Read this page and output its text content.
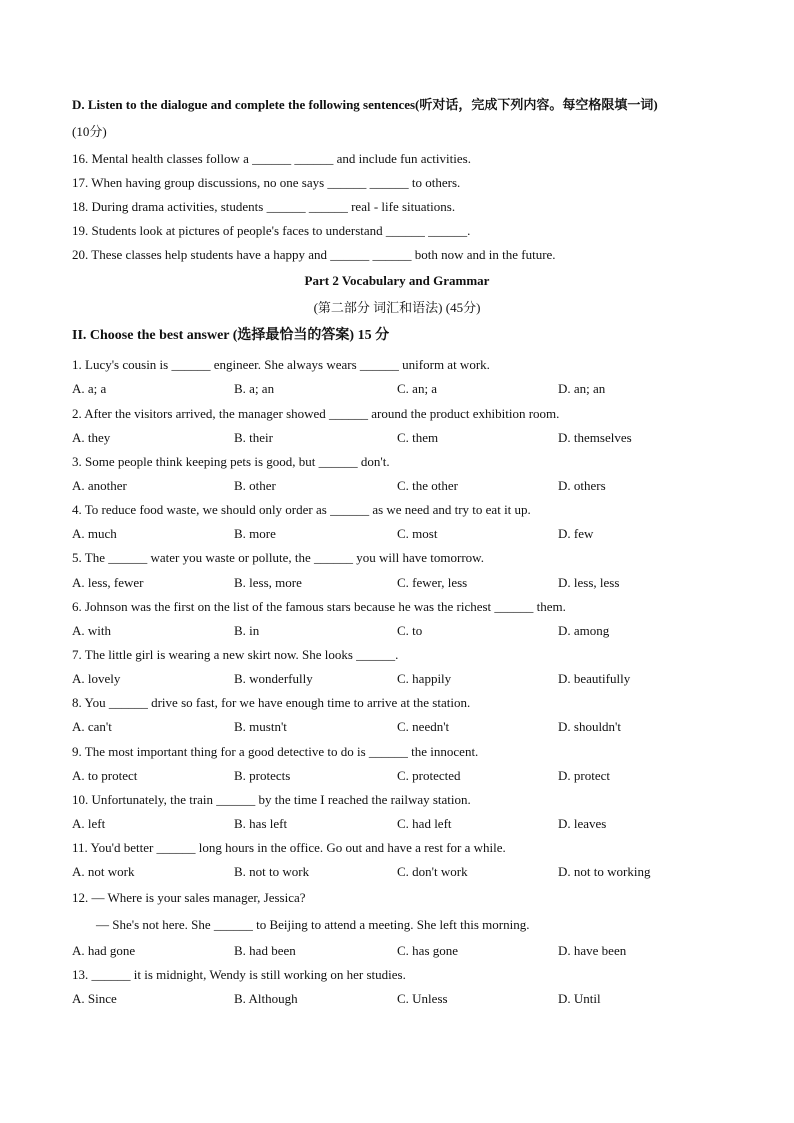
D. Listen to the dialogue and complete the following sentences(听对话，完成下列内容。每空格限填一词)
(10分)
16. Mental health classes follow a ______ ______ and include fun activities.
17. When having group discussions, no one says ______ ______ to others.
18. During drama activities, students ______ ______ real - life situations.
19. Students look at pictures of people's faces to understand ______ ______.
20. These classes help students have a happy and ______ ______ both now and in the future.
Part 2 Vocabulary and Grammar
(第二部分 词汇和语法) (45分)
II. Choose the best answer (选择最恰当的答案) 15 分
1. Lucy's cousin is ______ engineer. She always wears ______ uniform at work.
A. a; a	B. a; an	C. an; a	D. an; an
2. After the visitors arrived, the manager showed ______ around the product exhibition room.
A. they	B. their	C. them	D. themselves
3. Some people think keeping pets is good, but ______ don't.
A. another	B. other	C. the other	D. others
4. To reduce food waste, we should only order as ______ as we need and try to eat it up.
A. much	B. more	C. most	D. few
5. The ______ water you waste or pollute, the ______ you will have tomorrow.
A. less, fewer	B. less, more	C. fewer, less	D. less, less
6. Johnson was the first on the list of the famous stars because he was the richest ______ them.
A. with	B. in	C. to	D. among
7. The little girl is wearing a new skirt now. She looks ______.
A. lovely	B. wonderfully	C. happily	D. beautifully
8. You ______ drive so fast, for we have enough time to arrive at the station.
A. can't	B. mustn't	C. needn't	D. shouldn't
9. The most important thing for a good detective to do is ______ the innocent.
A. to protect	B. protects	C. protected	D. protect
10. Unfortunately, the train ______ by the time I reached the railway station.
A. left	B. has left	C. had left	D. leaves
11. You'd better ______ long hours in the office. Go out and have a rest for a while.
A. not work	B. not to work	C. don't work	D. not to working
12. — Where is your sales manager, Jessica?
— She's not here. She ______ to Beijing to attend a meeting. She left this morning.
A. had gone	B. had been	C. has gone	D. have been
13. ______ it is midnight, Wendy is still working on her studies.
A. Since	B. Although	C. Unless	D. Until
